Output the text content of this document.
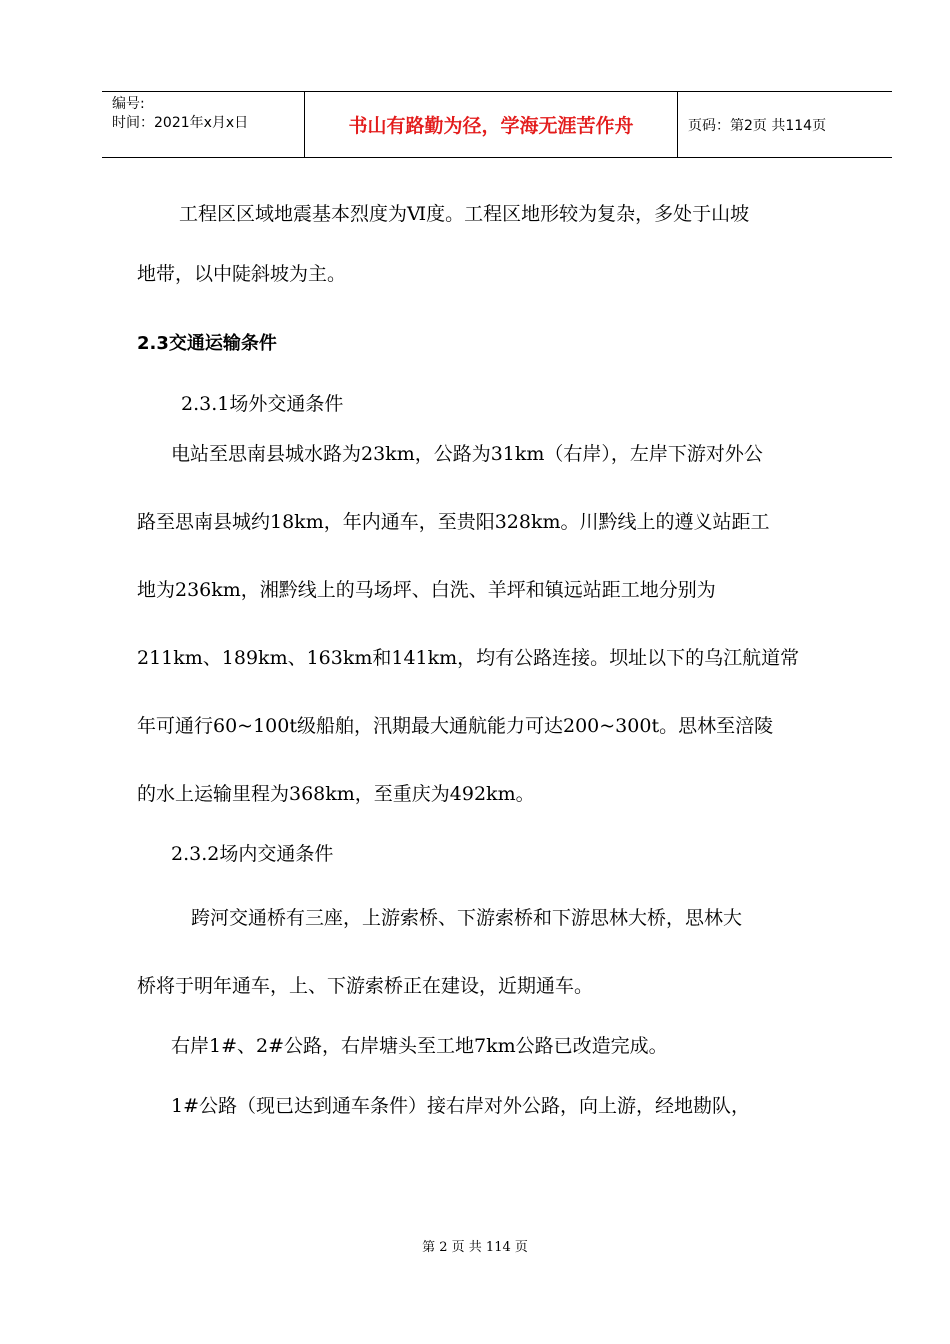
编号:
时间：2021年x月x日	书山有路勤为径，学海无涯苦作舟	页码：第2页 共114页

工程区区域地震基本烈度为Ⅵ度。工程区地形较为复杂，多处于山坡

地带，以中陡斜坡为主。

2.3交通运输条件

2.3.1场外交通条件

电站至思南县城水路为23km，公路为31km（右岸），左岸下游对外公

路至思南县城约18km，年内通车，至贵阳328km。川黔线上的遵义站距工

地为236km，湘黔线上的马场坪、白洗、羊坪和镇远站距工地分别为

211km、189km、163km和141km，均有公路连接。坝址以下的乌江航道常

年可通行60~100t级船舶，汛期最大通航能力可达200~300t。思林至涪陵

的水上运输里程为368km，至重庆为492km。

2.3.2场内交通条件

跨河交通桥有三座，上游索桥、下游索桥和下游思林大桥，思林大

桥将于明年通车，上、下游索桥正在建设，近期通车。

右岸1#、2#公路，右岸塘头至工地7km公路已改造完成。

1#公路（现已达到通车条件）接右岸对外公路，向上游，经地勘队，

第 2 页 共 114 页
